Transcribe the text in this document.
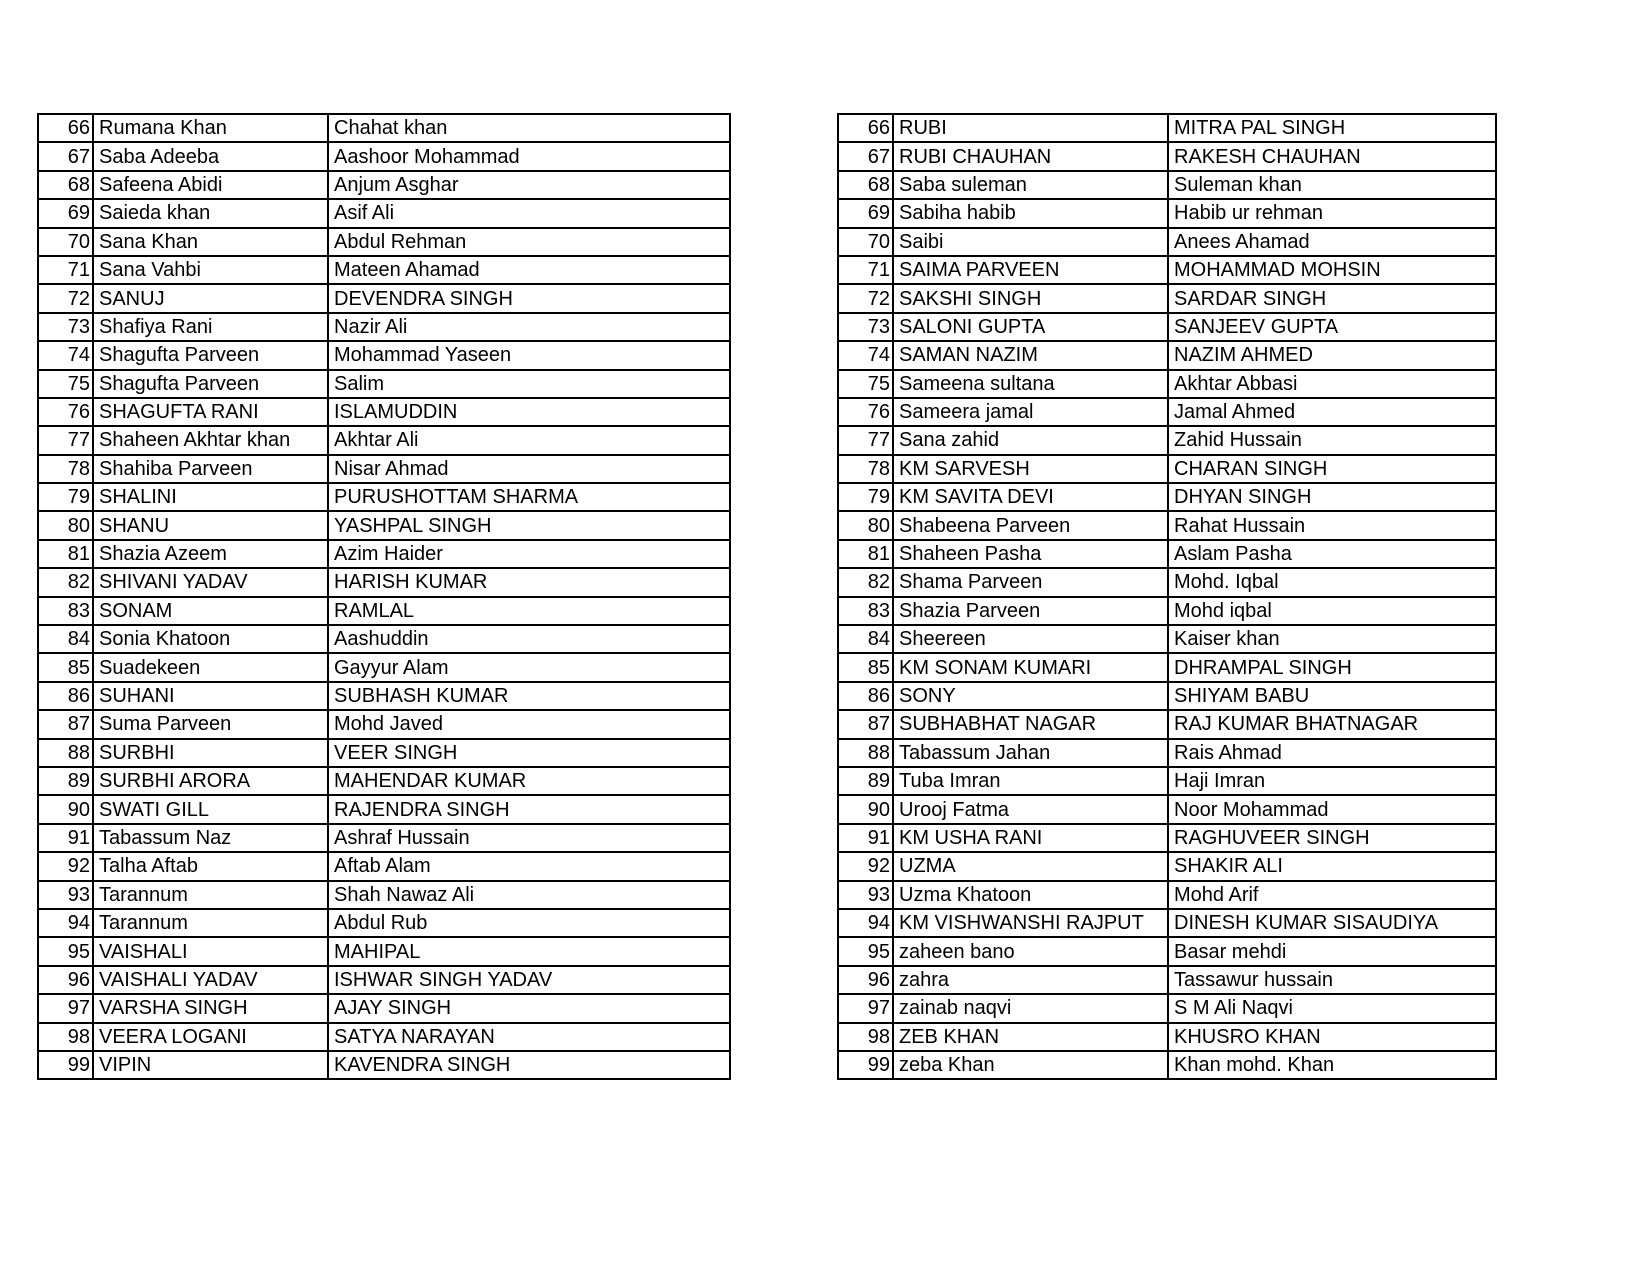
66	Rumana Khan	Chahat khan		66	RUBI	MITRA PAL SINGH
67	Saba Adeeba	Aashoor Mohammad		67	RUBI CHAUHAN	RAKESH CHAUHAN
68	Safeena Abidi	Anjum Asghar		68	Saba suleman	Suleman khan
69	Saieda khan	Asif Ali		69	Sabiha habib	Habib ur rehman
70	Sana Khan	Abdul Rehman		70	Saibi	Anees Ahamad
71	Sana Vahbi	Mateen Ahamad		71	SAIMA PARVEEN	MOHAMMAD MOHSIN
72	SANUJ	DEVENDRA SINGH		72	SAKSHI SINGH	SARDAR SINGH
73	Shafiya Rani	Nazir Ali		73	SALONI GUPTA	SANJEEV GUPTA
74	Shagufta Parveen	Mohammad Yaseen		74	SAMAN NAZIM	NAZIM AHMED
75	Shagufta Parveen	Salim		75	Sameena sultana	Akhtar Abbasi
76	SHAGUFTA RANI	ISLAMUDDIN		76	Sameera jamal	Jamal Ahmed
77	Shaheen Akhtar khan	Akhtar Ali		77	Sana zahid	Zahid Hussain
78	Shahiba Parveen	Nisar Ahmad		78	KM SARVESH	CHARAN SINGH
79	SHALINI	PURUSHOTTAM SHARMA		79	KM SAVITA DEVI	DHYAN SINGH
80	SHANU	YASHPAL SINGH		80	Shabeena Parveen	Rahat Hussain
81	Shazia Azeem	Azim Haider		81	Shaheen Pasha	Aslam Pasha
82	SHIVANI YADAV	HARISH KUMAR		82	Shama Parveen	Mohd. Iqbal
83	SONAM	RAMLAL		83	Shazia Parveen	Mohd iqbal
84	Sonia Khatoon	Aashuddin		84	Sheereen	Kaiser khan
85	Suadekeen	Gayyur Alam		85	KM SONAM KUMARI	DHRAMPAL SINGH
86	SUHANI	SUBHASH KUMAR		86	SONY	SHIYAM BABU
87	Suma Parveen	Mohd Javed		87	SUBHABHAT NAGAR	RAJ KUMAR BHATNAGAR
88	SURBHI	VEER SINGH		88	Tabassum Jahan	Rais Ahmad
89	SURBHI ARORA	MAHENDAR KUMAR		89	Tuba Imran	Haji Imran
90	SWATI GILL	RAJENDRA SINGH		90	Urooj Fatma	Noor Mohammad
91	Tabassum Naz	Ashraf Hussain		91	KM USHA RANI	RAGHUVEER SINGH
92	Talha Aftab	Aftab Alam		92	UZMA	SHAKIR ALI
93	Tarannum	Shah Nawaz Ali		93	Uzma Khatoon	Mohd Arif
94	Tarannum	Abdul Rub		94	KM VISHWANSHI RAJPUT	DINESH KUMAR SISAUDIYA
95	VAISHALI	MAHIPAL		95	zaheen bano	Basar mehdi
96	VAISHALI YADAV	ISHWAR SINGH YADAV		96	zahra	Tassawur hussain
97	VARSHA SINGH	AJAY SINGH		97	zainab naqvi	S M Ali Naqvi
98	VEERA LOGANI	SATYA NARAYAN		98	ZEB KHAN	KHUSRO KHAN
99	VIPIN	KAVENDRA SINGH		99	zeba Khan	Khan mohd. Khan
